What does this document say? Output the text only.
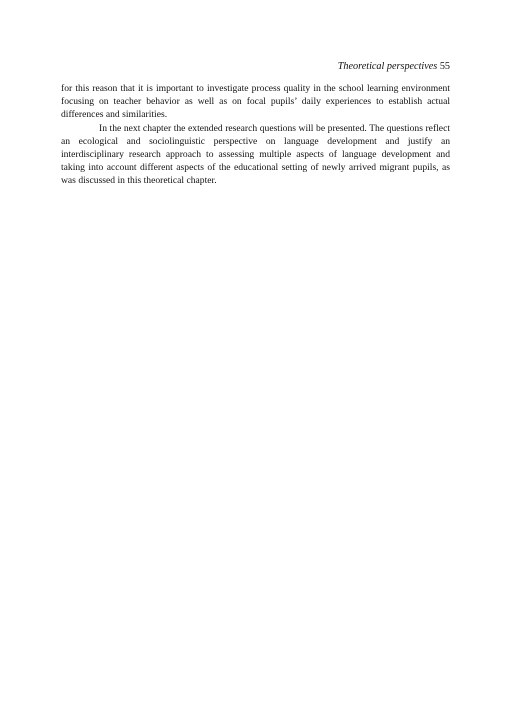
Theoretical perspectives 55

for this reason that it is important to investigate process quality in the school learning environment focusing on teacher behavior as well as on focal pupils’ daily experiences to establish actual differences and similarities.

In the next chapter the extended research questions will be presented. The questions reflect an ecological and sociolinguistic perspective on language development and justify an interdisciplinary research approach to assessing multiple aspects of language development and taking into account different aspects of the educational setting of newly arrived migrant pupils, as was discussed in this theoretical chapter.
